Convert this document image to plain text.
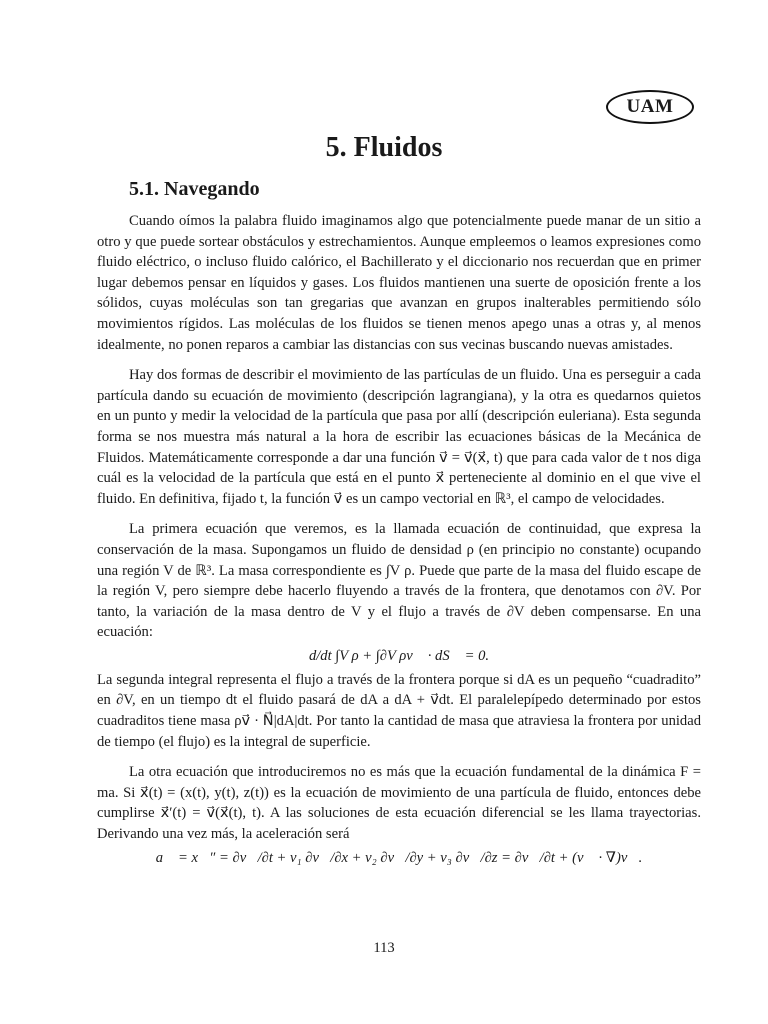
UAM
5. Fluidos
5.1. Navegando

Cuando oímos la palabra fluido imaginamos algo que potencialmente puede manar de un sitio a otro y que puede sortear obstáculos y estrechamientos. Aunque empleemos o leamos expresiones como fluido eléctrico, o incluso fluido calórico, el Bachillerato y el diccionario nos recuerdan que en primer lugar debemos pensar en líquidos y gases. Los fluidos mantienen una suerte de oposición frente a los sólidos, cuyas moléculas son tan gregarias que avanzan en grupos inalterables permitiendo sólo movimientos rígidos. Las moléculas de los fluidos se tienen menos apego unas a otras y, al menos idealmente, no ponen reparos a cambiar las distancias con sus vecinas buscando nuevas amistades.

Hay dos formas de describir el movimiento de las partículas de un fluido. Una es perseguir a cada partícula dando su ecuación de movimiento (descripción lagrangiana), y la otra es quedarnos quietos en un punto y medir la velocidad de la partícula que pasa por allí (descripción euleriana). Esta segunda forma se nos muestra más natural a la hora de escribir las ecuaciones básicas de la Mecánica de Fluidos. Matemáticamente corresponde a dar una función v⃗ = v⃗(x⃗, t) que para cada valor de t nos diga cuál es la velocidad de la partícula que está en el punto x⃗ perteneciente al dominio en el que vive el fluido. En definitiva, fijado t, la función v⃗ es un campo vectorial en ℝ³, el campo de velocidades.

La primera ecuación que veremos, es la llamada ecuación de continuidad, que expresa la conservación de la masa. Supongamos un fluido de densidad ρ (en principio no constante) ocupando una región V de ℝ³. La masa correspondiente es ∫V ρ. Puede que parte de la masa del fluido escape de la región V, pero siempre debe hacerlo fluyendo a través de la frontera, que denotamos con ∂V. Por tanto, la variación de la masa dentro de V y el flujo a través de ∂V deben compensarse. En una ecuación:

d/dt ∫V ρ + ∫∂V ρv⃗ · dS⃗ = 0.

La segunda integral representa el flujo a través de la frontera porque si dA es un pequeño “cuadradito” en ∂V, en un tiempo dt el fluido pasará de dA a dA + v⃗dt. El paralelepípedo determinado por estos cuadraditos tiene masa ρv⃗ · N⃗|dA|dt. Por tanto la cantidad de masa que atraviesa la frontera por unidad de tiempo (el flujo) es la integral de superficie.

La otra ecuación que introduciremos no es más que la ecuación fundamental de la dinámica F = ma. Si x⃗(t) = (x(t), y(t), z(t)) es la ecuación de movimiento de una partícula de fluido, entonces debe cumplirse x⃗′(t) = v⃗(x⃗(t), t). A las soluciones de esta ecuación diferencial se les llama trayectorias. Derivando una vez más, la aceleración será

a⃗ = x⃗″ = ∂v⃗/∂t + v₁ ∂v⃗/∂x + v₂ ∂v⃗/∂y + v₃ ∂v⃗/∂z = ∂v⃗/∂t + (v⃗ · ∇)v⃗.
113
